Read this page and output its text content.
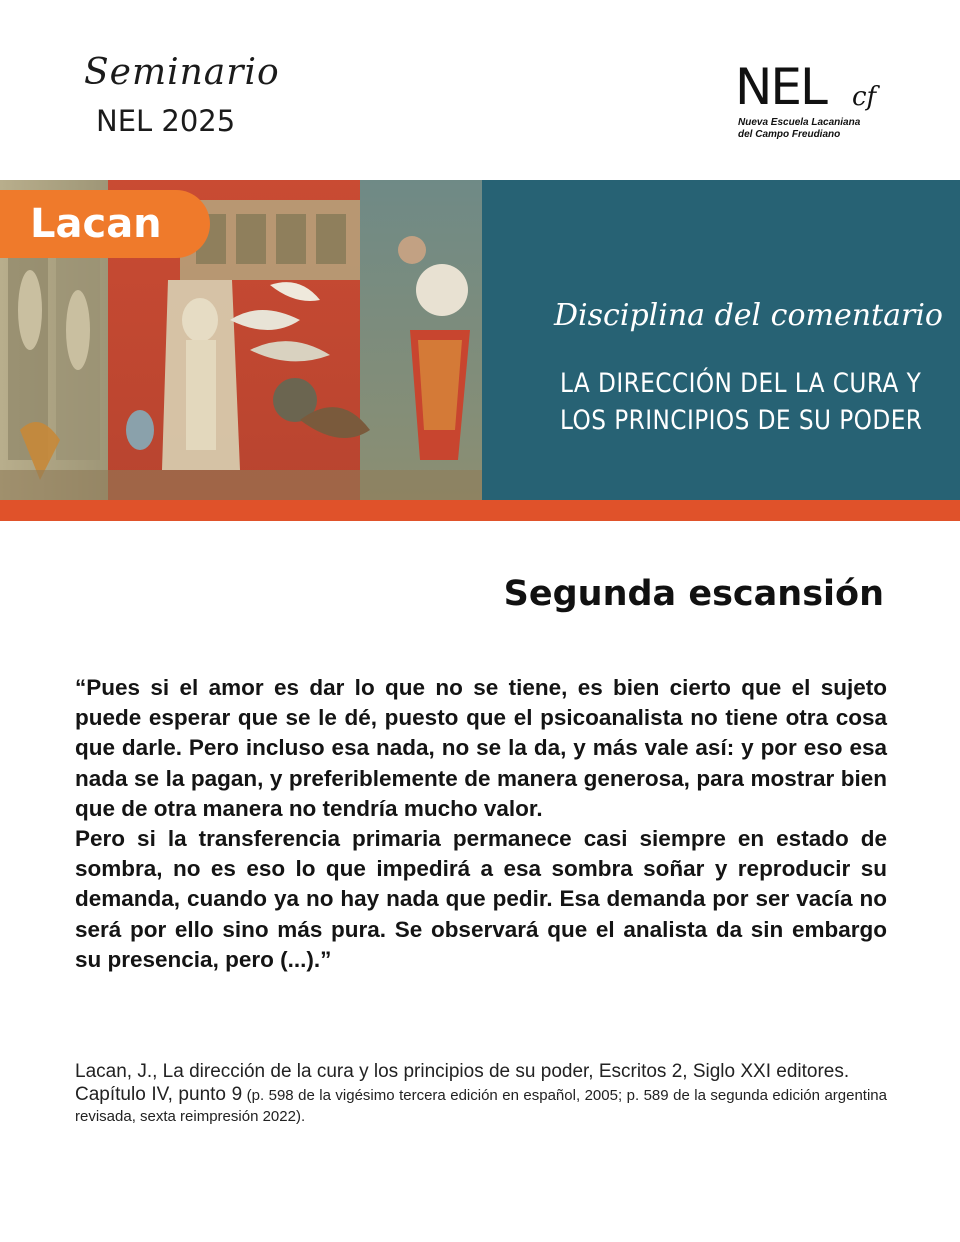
Seminario
NEL 2025
NEL cf
Nueva Escuela Lacaniana
del Campo Freudiano
Disciplina del comentario
LA DIRECCIÓN DEL LA CURA Y
LOS PRINCIPIOS DE SU PODER
Lacan
Segunda escansión

“Pues si el amor es dar lo que no se tiene, es bien cierto que el sujeto puede esperar que se le dé, puesto que el psicoanalista no tiene otra cosa que darle. Pero incluso esa nada, no se la da, y más vale así: y por eso esa nada se la pagan, y preferiblemente de manera generosa, para mostrar bien que de otra manera no tendría mucho valor.

Pero si la transferencia primaria permanece casi siempre en estado de sombra, no es eso lo que impedirá a esa sombra soñar y reproducir su demanda, cuando ya no hay nada que pedir. Esa demanda por ser vacía no será por ello sino más pura. Se observará que el analista da sin embargo su presencia, pero (...).”

Lacan, J., La dirección de la cura y los principios de su poder, Escritos 2, Siglo XXI editores.
Capítulo IV, punto 9 (p. 598 de la vigésimo tercera edición en español, 2005; p. 589 de la segunda edición argentina revisada, sexta reimpresión 2022).
